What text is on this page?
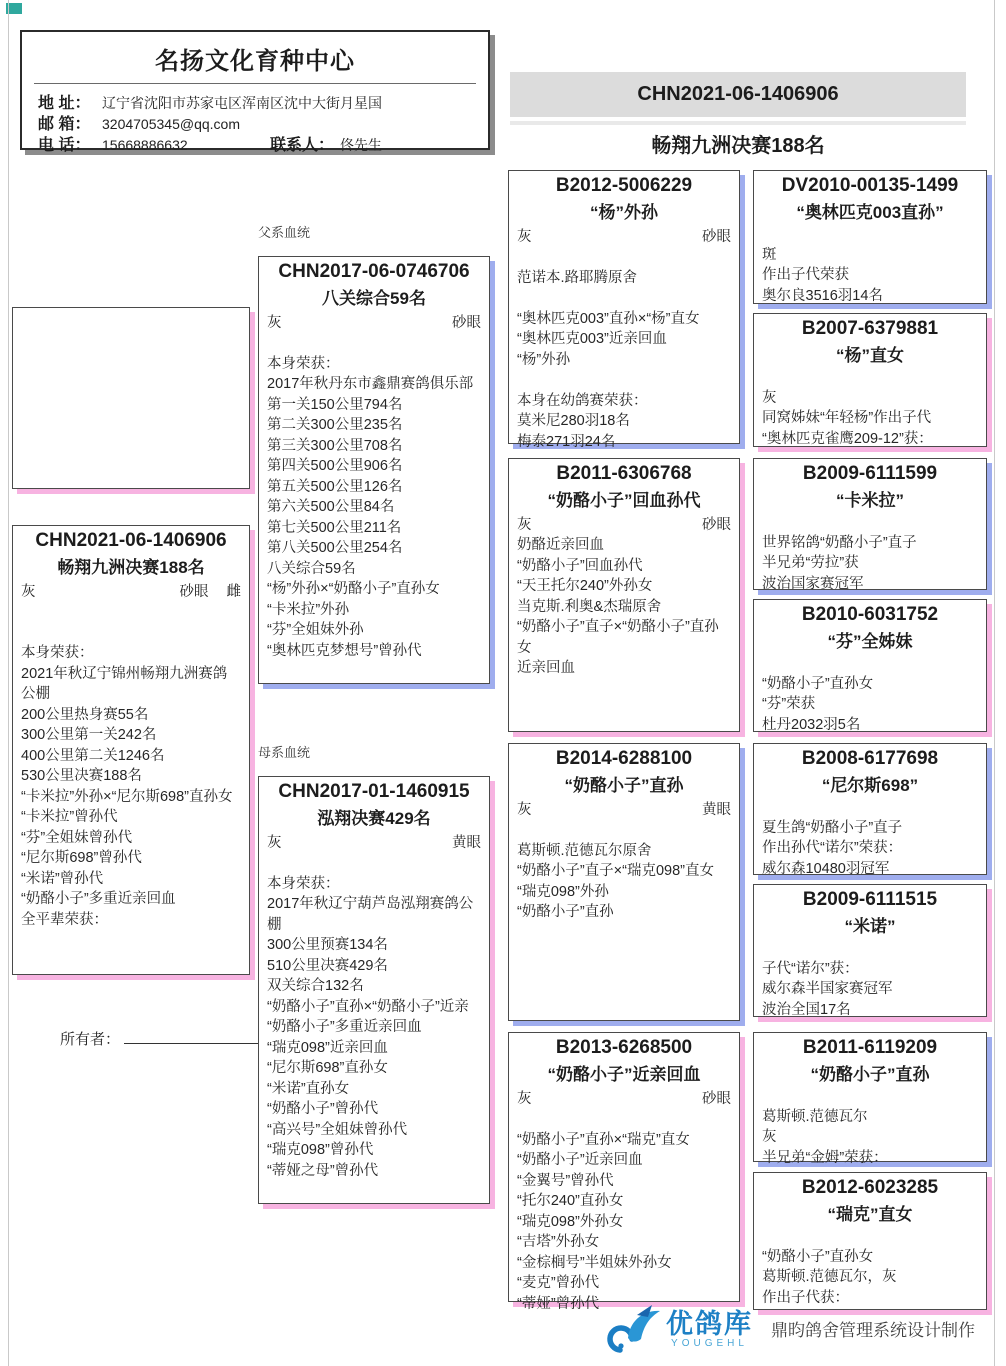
名扬文化育种中心
地 址： 辽宁省沈阳市苏家屯区浑南区沈中大街月星国
邮 箱： 3204705345@qq.com
电 话： 15668886632	联系人： 佟先生
CHN2021-06-1406906
畅翔九洲决赛188名
CHN2021-06-1406906
畅翔九洲决赛188名
灰	砂眼 雌

本身荣获：
2021年秋辽宁锦州畅翔九洲赛鸽公棚
200公里热身赛55名
300公里第一关242名
400公里第二关1246名
530公里决赛188名
“卡米拉”外孙×“尼尔斯698”直孙女
“卡米拉”曾孙代
“芬”全姐妹曾孙代
“尼尔斯698”曾孙代
“米诺”曾孙代
“奶酪小子”多重近亲回血
全平辈荣获：
所有者：
父系血统
CHN2017-06-0746706
八关综合59名
灰	砂眼

本身荣获：
2017年秋丹东市鑫鼎赛鸽俱乐部
第一关150公里794名
第二关300公里235名
第三关300公里708名
第四关500公里906名
第五关500公里126名
第六关500公里84名
第七关500公里211名
第八关500公里254名
八关综合59名
“杨”外孙×“奶酪小子”直孙女
“卡米拉”外孙
“芬”全姐妹外孙
“奥林匹克梦想号”曾孙代
母系血统
CHN2017-01-1460915
泓翔决赛429名
灰	黄眼

本身荣获：
2017年秋辽宁葫芦岛泓翔赛鸽公棚
300公里预赛134名
510公里决赛429名
双关综合132名
“奶酪小子”直孙×“奶酪小子”近亲
“奶酪小子”多重近亲回血
“瑞克098”近亲回血
“尼尔斯698”直孙女
“米诺”直孙女
“奶酪小子”曾孙代
“高兴号”全姐妹曾孙代
“瑞克098”曾孙代
“蒂娅之母”曾孙代
B2012-5006229
“杨”外孙
灰	砂眼

范诺本.路耶腾原舍

“奥林匹克003”直孙×“杨”直女
“奥林匹克003”近亲回血
“杨”外孙

本身在幼鸽赛荣获：
莫米尼280羽18名
梅泰271羽24名
B2011-6306768
“奶酪小子”回血孙代
灰	砂眼
奶酪近亲回血
“奶酪小子”回血孙代
“天王托尔240”外孙女
当克斯.利奥&杰瑞原舍
“奶酪小子”直子×“奶酪小子”直孙女
近亲回血
B2014-6288100
“奶酪小子”直孙
灰	黄眼

葛斯顿.范德瓦尔原舍
“奶酪小子”直子×“瑞克098”直女
“瑞克098”外孙
“奶酪小子”直孙
B2013-6268500
“奶酪小子”近亲回血
灰	砂眼

“奶酪小子”直孙×“瑞克”直女
“奶酪小子”近亲回血
“金翼号”曾孙代
“托尔240”直孙女
“瑞克098”外孙女
“吉塔”外孙女
“金棕榈号”半姐妹外孙女
“麦克”曾孙代
“蒂娅”曾孙代
DV2010-00135-1499
“奥林匹克003直孙”

斑
作出子代荣获
奥尔良3516羽14名
B2007-6379881
“杨”直女

灰
同窝姊妹“年轻杨”作出子代
“奥林匹克雀鹰209-12”获：
B2009-6111599
“卡米拉”

世界铭鸽“奶酪小子”直子
半兄弟“劳拉”获
波治国家赛冠军
B2010-6031752
“芬”全姊妹

“奶酪小子”直孙女
“芬”荣获
杜丹2032羽5名
B2008-6177698
“尼尔斯698”

夏生鸽“奶酪小子”直子
作出孙代“诺尔”荣获：
威尔森10480羽冠军
B2009-6111515
“米诺”

子代“诺尔”获：
威尔森半国家赛冠军
波治全国17名
B2011-6119209
“奶酪小子”直孙

葛斯顿.范德瓦尔
灰
半兄弟“金姆”荣获：
B2012-6023285
“瑞克”直女

“奶酪小子”直孙女
葛斯顿.范德瓦尔，灰
作出子代获：
优鸽库
YOUGEHL
鼎昀鸽舍管理系统设计制作
